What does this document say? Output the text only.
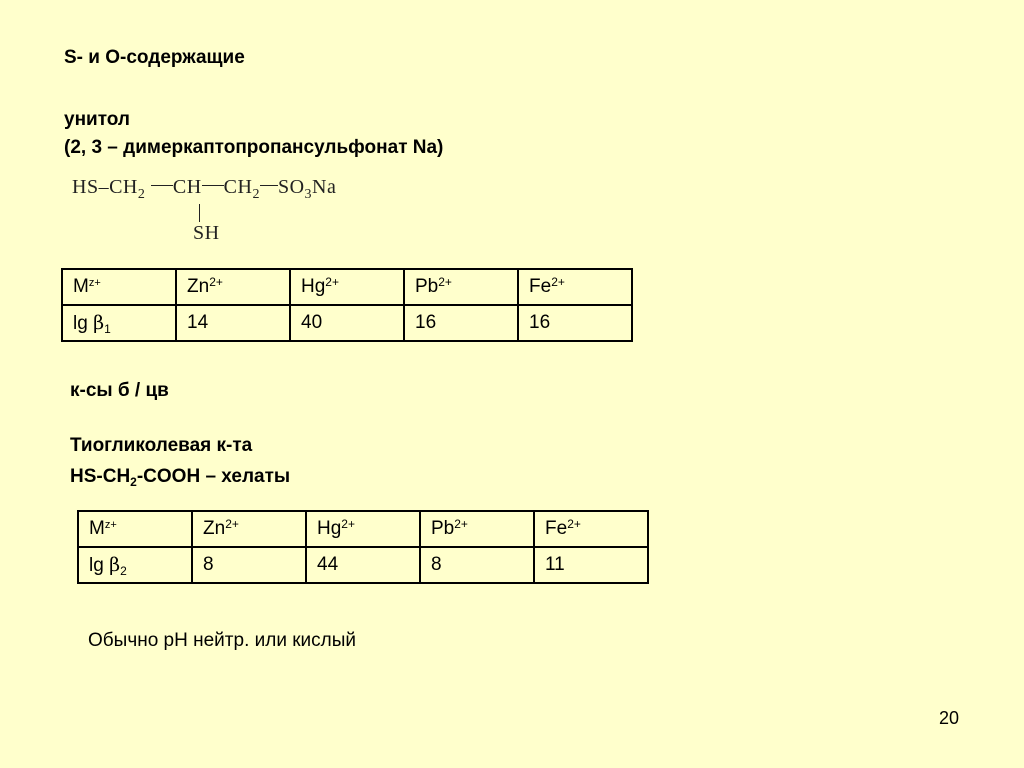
S- и О-содержащие
унитол
(2, 3 – димеркаптопропансульфонат Na)
$HS-CH_2$ CH $CH_2$ $SO_3Na$
SH
$M^{z+}$	$Zn^{2+}$	$Hg^{2+}$	$Pb^{2+}$	$Fe^{2+}$
$\lg \beta_1$	14	40	16	16
к-сы б / цв
Тиогликолевая к-та
$HS-CH_2$-COOH – хелаты
$M^{z+}$	$Zn^{2+}$	$Hg^{2+}$	$Pb^{2+}$	$Fe^{2+}$
$\lg \beta_2$	8	44	8	11
Обычно рН нейтр. или кислый
20
